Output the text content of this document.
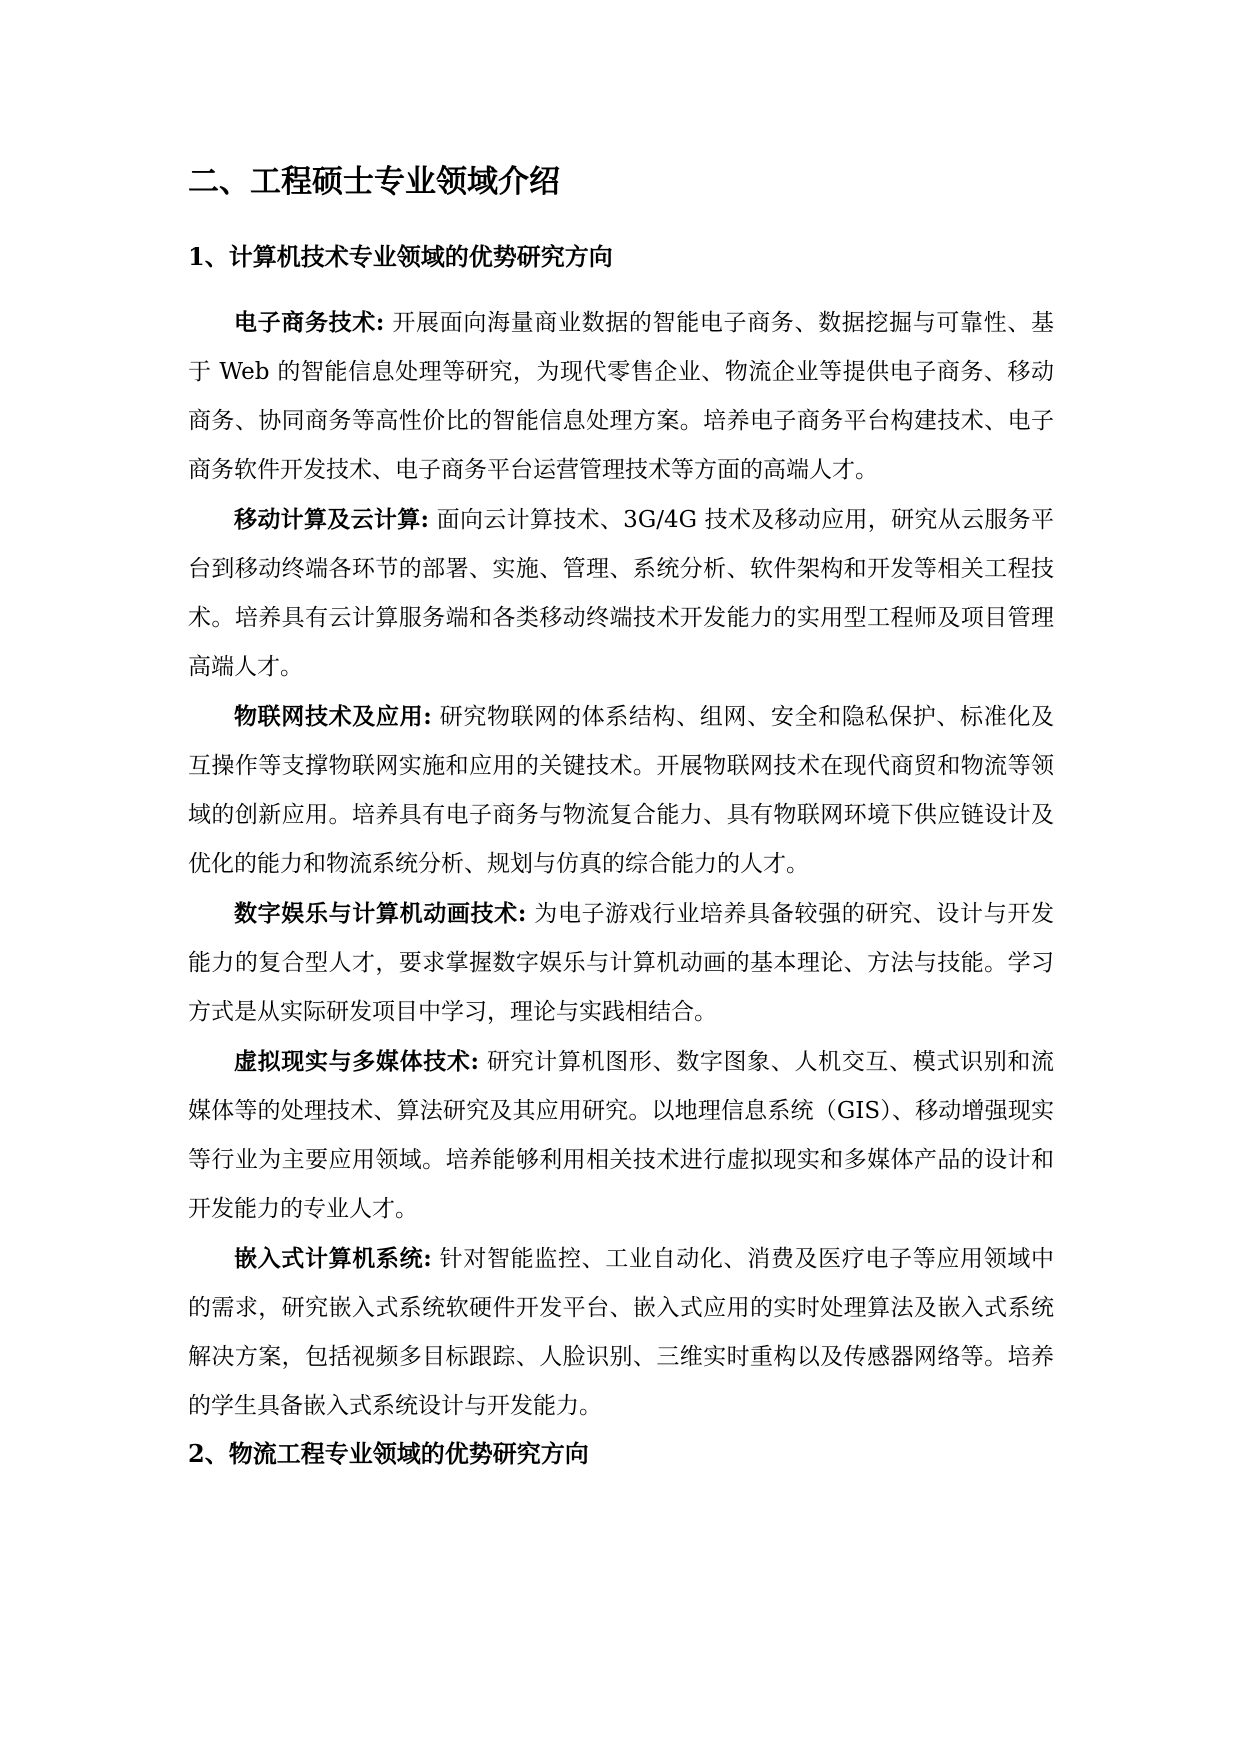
二、工程硕士专业领域介绍
1、计算机技术专业领域的优势研究方向

电子商务技术: 开展面向海量商业数据的智能电子商务、数据挖掘与可靠性、基于 Web 的智能信息处理等研究，为现代零售企业、物流企业等提供电子商务、移动商务、协同商务等高性价比的智能信息处理方案。培养电子商务平台构建技术、电子商务软件开发技术、电子商务平台运营管理技术等方面的高端人才。

移动计算及云计算: 面向云计算技术、3G/4G 技术及移动应用，研究从云服务平台到移动终端各环节的部署、实施、管理、系统分析、软件架构和开发等相关工程技术。培养具有云计算服务端和各类移动终端技术开发能力的实用型工程师及项目管理高端人才。

物联网技术及应用: 研究物联网的体系结构、组网、安全和隐私保护、标准化及互操作等支撑物联网实施和应用的关键技术。开展物联网技术在现代商贸和物流等领域的创新应用。培养具有电子商务与物流复合能力、具有物联网环境下供应链设计及优化的能力和物流系统分析、规划与仿真的综合能力的人才。

数字娱乐与计算机动画技术: 为电子游戏行业培养具备较强的研究、设计与开发能力的复合型人才，要求掌握数字娱乐与计算机动画的基本理论、方法与技能。学习方式是从实际研发项目中学习，理论与实践相结合。

虚拟现实与多媒体技术: 研究计算机图形、数字图象、人机交互、模式识别和流媒体等的处理技术、算法研究及其应用研究。以地理信息系统（GIS）、移动增强现实等行业为主要应用领域。培养能够利用相关技术进行虚拟现实和多媒体产品的设计和开发能力的专业人才。

嵌入式计算机系统: 针对智能监控、工业自动化、消费及医疗电子等应用领域中的需求，研究嵌入式系统软硬件开发平台、嵌入式应用的实时处理算法及嵌入式系统解决方案，包括视频多目标跟踪、人脸识别、三维实时重构以及传感器网络等。培养的学生具备嵌入式系统设计与开发能力。

2、物流工程专业领域的优势研究方向
